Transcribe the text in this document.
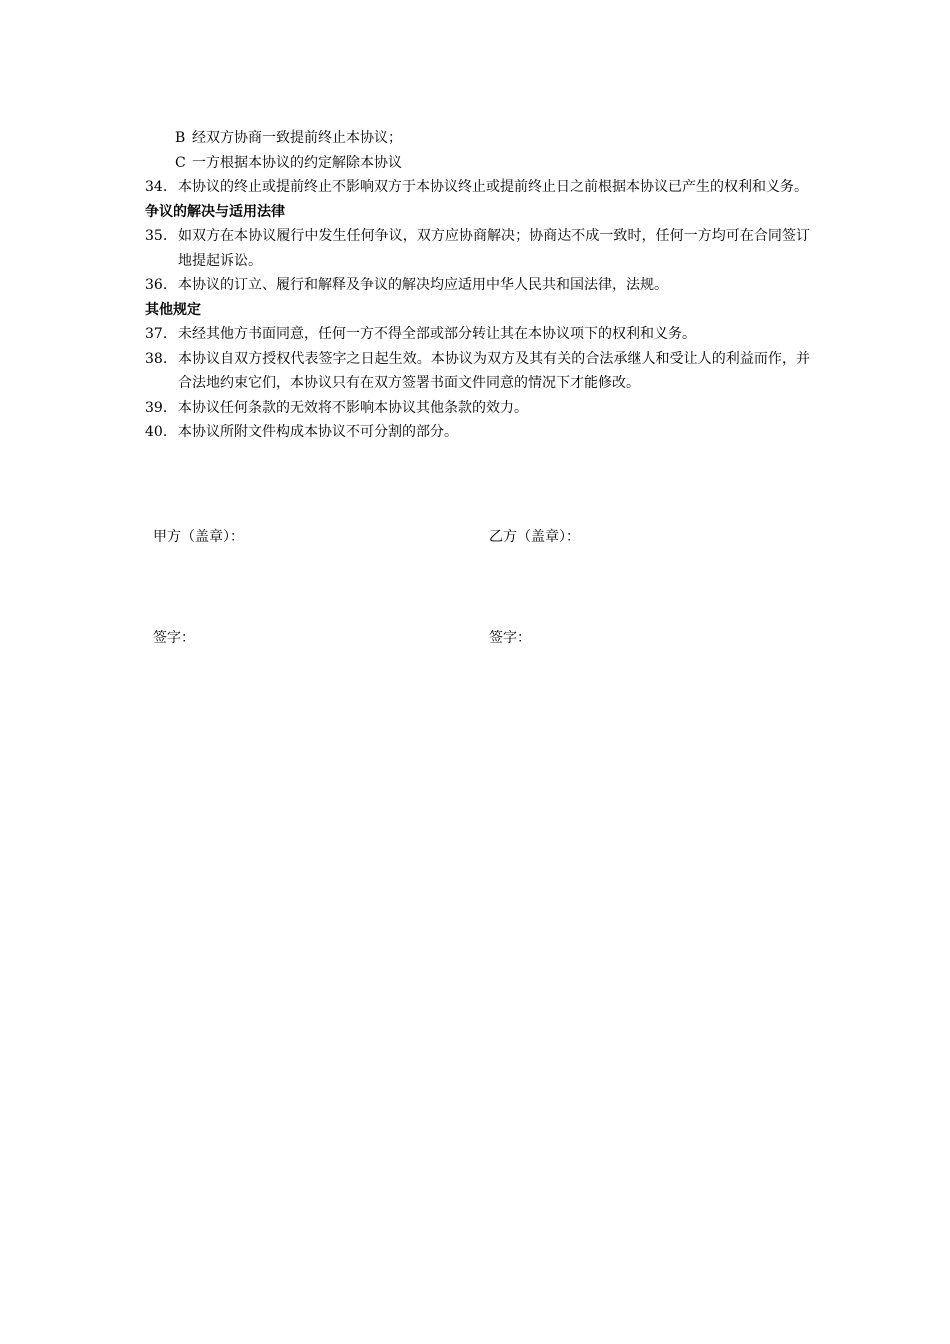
B 经双方协商一致提前终止本协议；
C 一方根据本协议的约定解除本协议
34. 本协议的终止或提前终止不影响双方于本协议终止或提前终止日之前根据本协议已产生的权利和义务。
争议的解决与适用法律
35. 如双方在本协议履行中发生任何争议，双方应协商解决；协商达不成一致时，任何一方均可在合同签订地提起诉讼。
36. 本协议的订立、履行和解释及争议的解决均应适用中华人民共和国法律，法规。
其他规定
37. 未经其他方书面同意，任何一方不得全部或部分转让其在本协议项下的权利和义务。
38. 本协议自双方授权代表签字之日起生效。本协议为双方及其有关的合法承继人和受让人的利益而作，并合法地约束它们，本协议只有在双方签署书面文件同意的情况下才能修改。
39. 本协议任何条款的无效将不影响本协议其他条款的效力。
40. 本协议所附文件构成本协议不可分割的部分。
甲方（盖章）：	乙方（盖章）：
签字：	签字：
